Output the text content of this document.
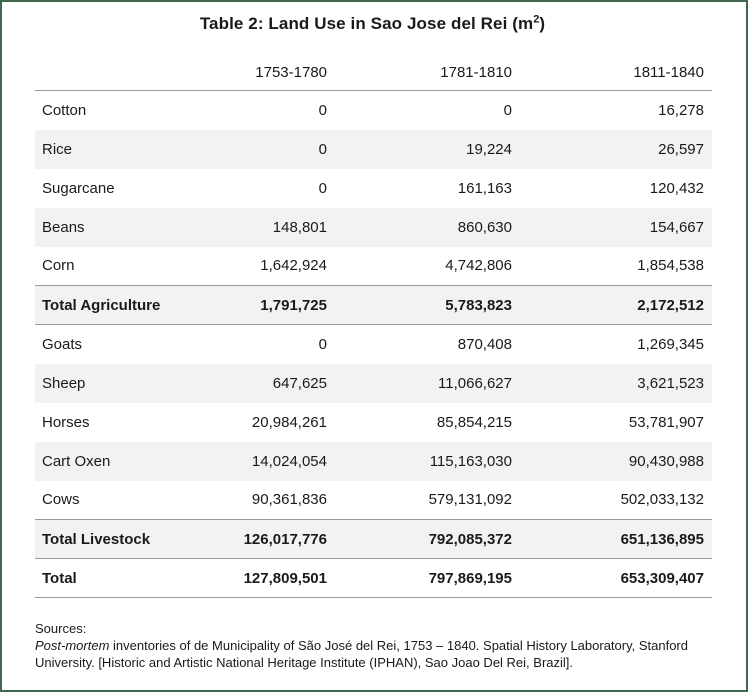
Table 2: Land Use in Sao Jose del Rei $(m^2)$
	1753-1780	1781-1810	1811-1840
Cotton	0	0	16,278
Rice	0	19,224	26,597
Sugarcane	0	161,163	120,432
Beans	148,801	860,630	154,667
Corn	1,642,924	4,742,806	1,854,538
Total Agriculture	1,791,725	5,783,823	2,172,512
Goats	0	870,408	1,269,345
Sheep	647,625	11,066,627	3,621,523
Horses	20,984,261	85,854,215	53,781,907
Cart Oxen	14,024,054	115,163,030	90,430,988
Cows	90,361,836	579,131,092	502,033,132
Total Livestock	126,017,776	792,085,372	651,136,895
Total	127,809,501	797,869,195	653,309,407
Sources:
Post-mortem inventories of de Municipality of São José del Rei, 1753 – 1840. Spatial History Laboratory, Stanford University. [Historic and Artistic National Heritage Institute (IPHAN), Sao Joao Del Rei, Brazil].
